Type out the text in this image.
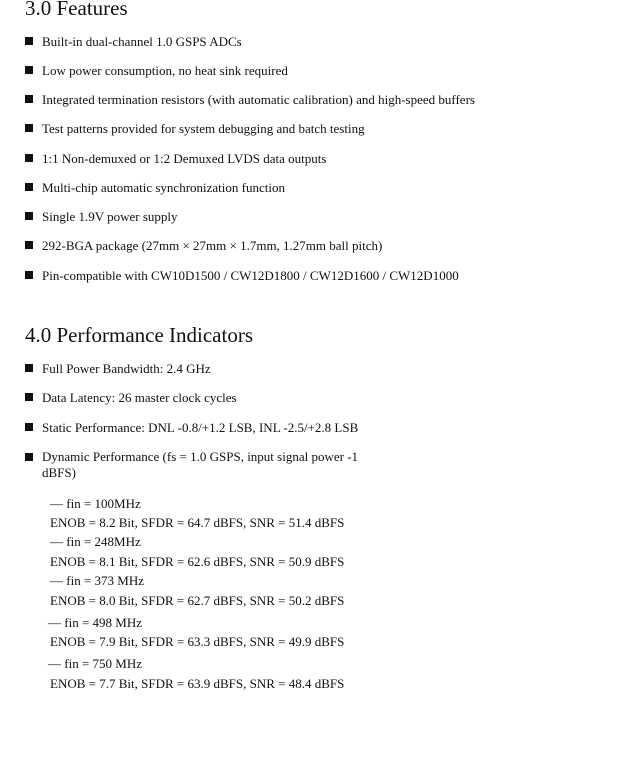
3.0 Features
Built-in dual-channel 1.0 GSPS ADCs
Low power consumption, no heat sink required
Integrated termination resistors (with automatic calibration) and high-speed buffers
Test patterns provided for system debugging and batch testing
1:1 Non-demuxed or 1:2 Demuxed LVDS data outputs
Multi-chip automatic synchronization function
Single 1.9V power supply
292-BGA package (27mm × 27mm × 1.7mm, 1.27mm ball pitch)
Pin-compatible with CW10D1500 / CW12D1800 / CW12D1600 / CW12D1000
4.0 Performance Indicators
Full Power Bandwidth: 2.4 GHz
Data Latency: 26 master clock cycles
Static Performance: DNL -0.8/+1.2 LSB, INL -2.5/+2.8 LSB
Dynamic Performance (fs = 1.0 GSPS, input signal power -1 dBFS)
— fin = 100MHz
ENOB = 8.2 Bit, SFDR = 64.7 dBFS, SNR = 51.4 dBFS
— fin = 248MHz
ENOB = 8.1 Bit, SFDR = 62.6 dBFS, SNR = 50.9 dBFS
— fin = 373 MHz
ENOB = 8.0 Bit, SFDR = 62.7 dBFS, SNR = 50.2 dBFS
— fin = 498 MHz
ENOB = 7.9 Bit, SFDR = 63.3 dBFS, SNR = 49.9 dBFS
— fin = 750 MHz
ENOB = 7.7 Bit, SFDR = 63.9 dBFS, SNR = 48.4 dBFS
